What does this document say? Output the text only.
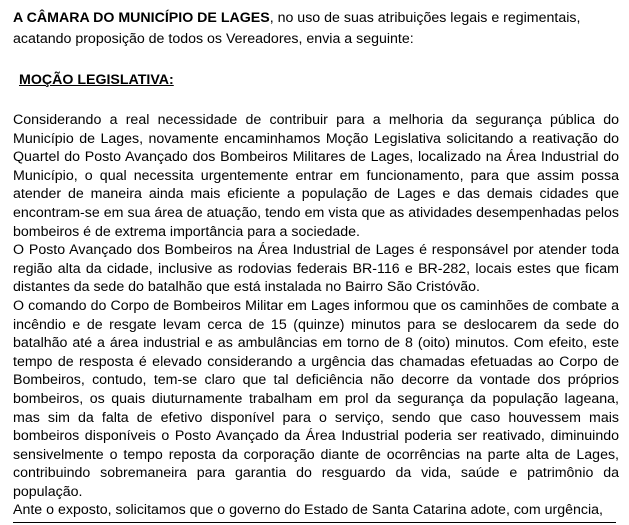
A CÂMARA DO MUNICÍPIO DE LAGES, no uso de suas atribuições legais e regimentais, acatando proposição de todos os Vereadores, envia a seguinte:

MOÇÃO LEGISLATIVA:

Considerando a real necessidade de contribuir para a melhoria da segurança pública do Município de Lages, novamente encaminhamos Moção Legislativa solicitando a reativação do Quartel do Posto Avançado dos Bombeiros Militares de Lages, localizado na Área Industrial do Município, o qual necessita urgentemente entrar em funcionamento, para que assim possa atender de maneira ainda mais eficiente a população de Lages e das demais cidades que encontram-se em sua área de atuação, tendo em vista que as atividades desempenhadas pelos bombeiros é de extrema importância para a sociedade.

O Posto Avançado dos Bombeiros na Área Industrial de Lages é responsável por atender toda região alta da cidade, inclusive as rodovias federais BR-116 e BR-282, locais estes que ficam distantes da sede do batalhão que está instalada no Bairro São Cristóvão.

O comando do Corpo de Bombeiros Militar em Lages informou que os caminhões de combate a incêndio e de resgate levam cerca de 15 (quinze) minutos para se deslocarem da sede do batalhão até a área industrial e as ambulâncias em torno de 8 (oito) minutos. Com efeito, este tempo de resposta é elevado considerando a urgência das chamadas efetuadas ao Corpo de Bombeiros, contudo, tem-se claro que tal deficiência não decorre da vontade dos próprios bombeiros, os quais diuturnamente trabalham em prol da segurança da população lageana, mas sim da falta de efetivo disponível para o serviço, sendo que caso houvessem mais bombeiros disponíveis o Posto Avançado da Área Industrial poderia ser reativado, diminuindo sensivelmente o tempo reposta da corporação diante de ocorrências na parte alta de Lages, contribuindo sobremaneira para garantia do resguardo da vida, saúde e patrimônio da população.

Ante o exposto, solicitamos que o governo do Estado de Santa Catarina adote, com urgência,
